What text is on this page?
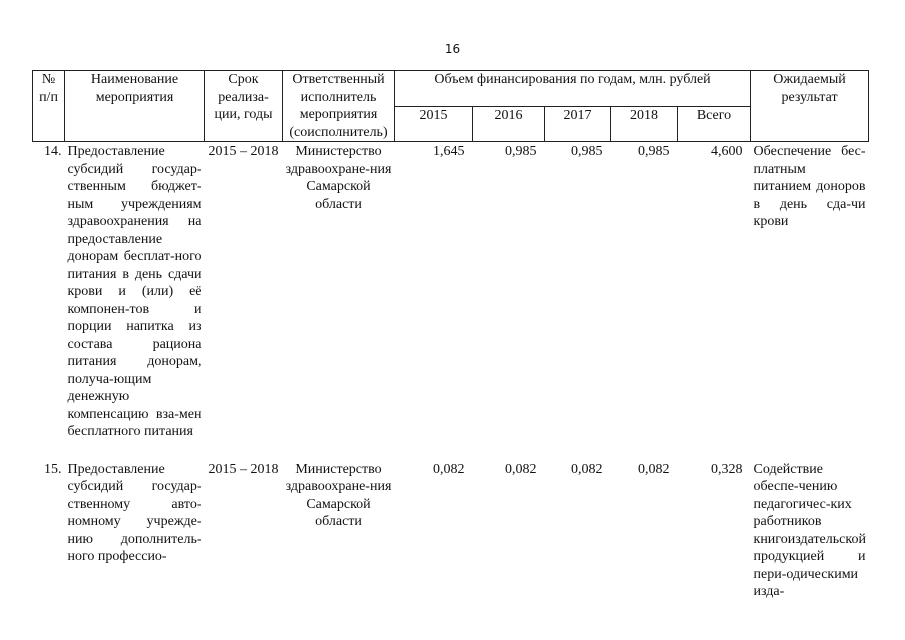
16
№ п/п	Наименование мероприятия	Срок реализа-ции, годы	Ответственный исполнитель мероприятия (соисполнитель)	Объем финансирования по годам, млн. рублей					Ожидаемый результат
				2015	2016	2017	2018	Всего	
14.	Предоставление субсидий государ-ственным бюджет-ным учреждениям здравоохранения на предоставление донорам бесплат-ного питания в день сдачи крови и (или) её компонен-тов и порции напитка из состава рациона питания донорам, получа-ющим денежную компенсацию вза-мен бесплатного питания	2015 – 2018	Министерство здравоохране-ния Самарской области	1,645	0,985	0,985	0,985	4,600	Обеспечение бес-платным питанием доноров в день сда-чи крови
15.	Предоставление субсидий государ-ственному авто-номному учрежде-нию дополнитель-ного профессио-	2015 – 2018	Министерство здравоохране-ния Самарской области	0,082	0,082	0,082	0,082	0,328	Содействие обеспе-чению педагогичес-ких работников книгоиздательской продукцией и пери-одическими изда-
